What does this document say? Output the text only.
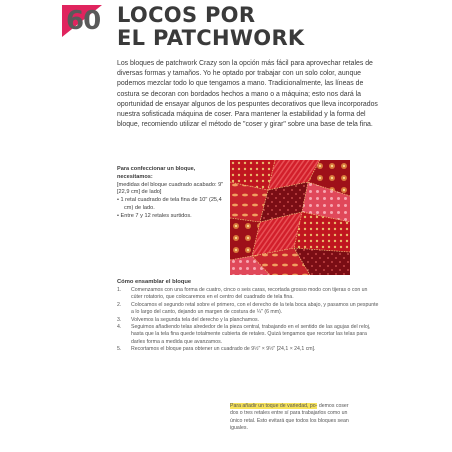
60 LOCOS POR
EL PATCHWORK

Los bloques de patchwork Crazy son la opción más fácil para aprovechar retales de diversas formas y tamaños. Yo he optado por trabajar con un solo color, aunque podemos mezclar todo lo que tengamos a mano. Tradicionalmente, las líneas de costura se decoran con bordados hechos a mano o a máquina; esto nos dará la oportunidad de ensayar algunos de los pespuntes decorativos que lleva incorporados nuestra sofisticada máquina de coser. Para mantener la estabilidad y la forma del bloque, recomiendo utilizar el método de "coser y girar" sobre una base de tela fina.

Para confeccionar un bloque,
necesitamos:
[medidas del bloque cuadrado acabado: 9" [22,9 cm] de lado]
• 1 retal cuadrado de tela fina de 10" (25,4 cm) de lado.
• Entre 7 y 12 retales surtidos.
Cómo ensamblar el bloque
1. Comenzamos con una forma de cuatro, cinco o seis caras, recortada grosso modo con tijeras o con un cúter rotatorio, que colocaremos en el centro del cuadrado de tela fina.
2. Colocamos el segundo retal sobre el primero, con el derecho de la tela boca abajo, y pasamos un pespunte a lo largo del canto, dejando un margen de costura de ¼" (6 mm).
3. Volvemos la segunda tela del derecho y la planchamos.
4. Seguimos añadiendo telas alrededor de la pieza central, trabajando en el sentido de las agujas del reloj, hasta que la tela fina quede totalmente cubierta de retales. Quizá tengamos que recortar las telas para darles forma a medida que avanzamos.
5. Recortamos el bloque para obtener un cuadrado de 9½" × 9½" [24,1 × 24,1 cm].
Para añadir un toque de variedad, po- demos coser dos o tres retales entre sí para trabajarlos como un único retal. Esto evitará que todos los bloques sean iguales.
